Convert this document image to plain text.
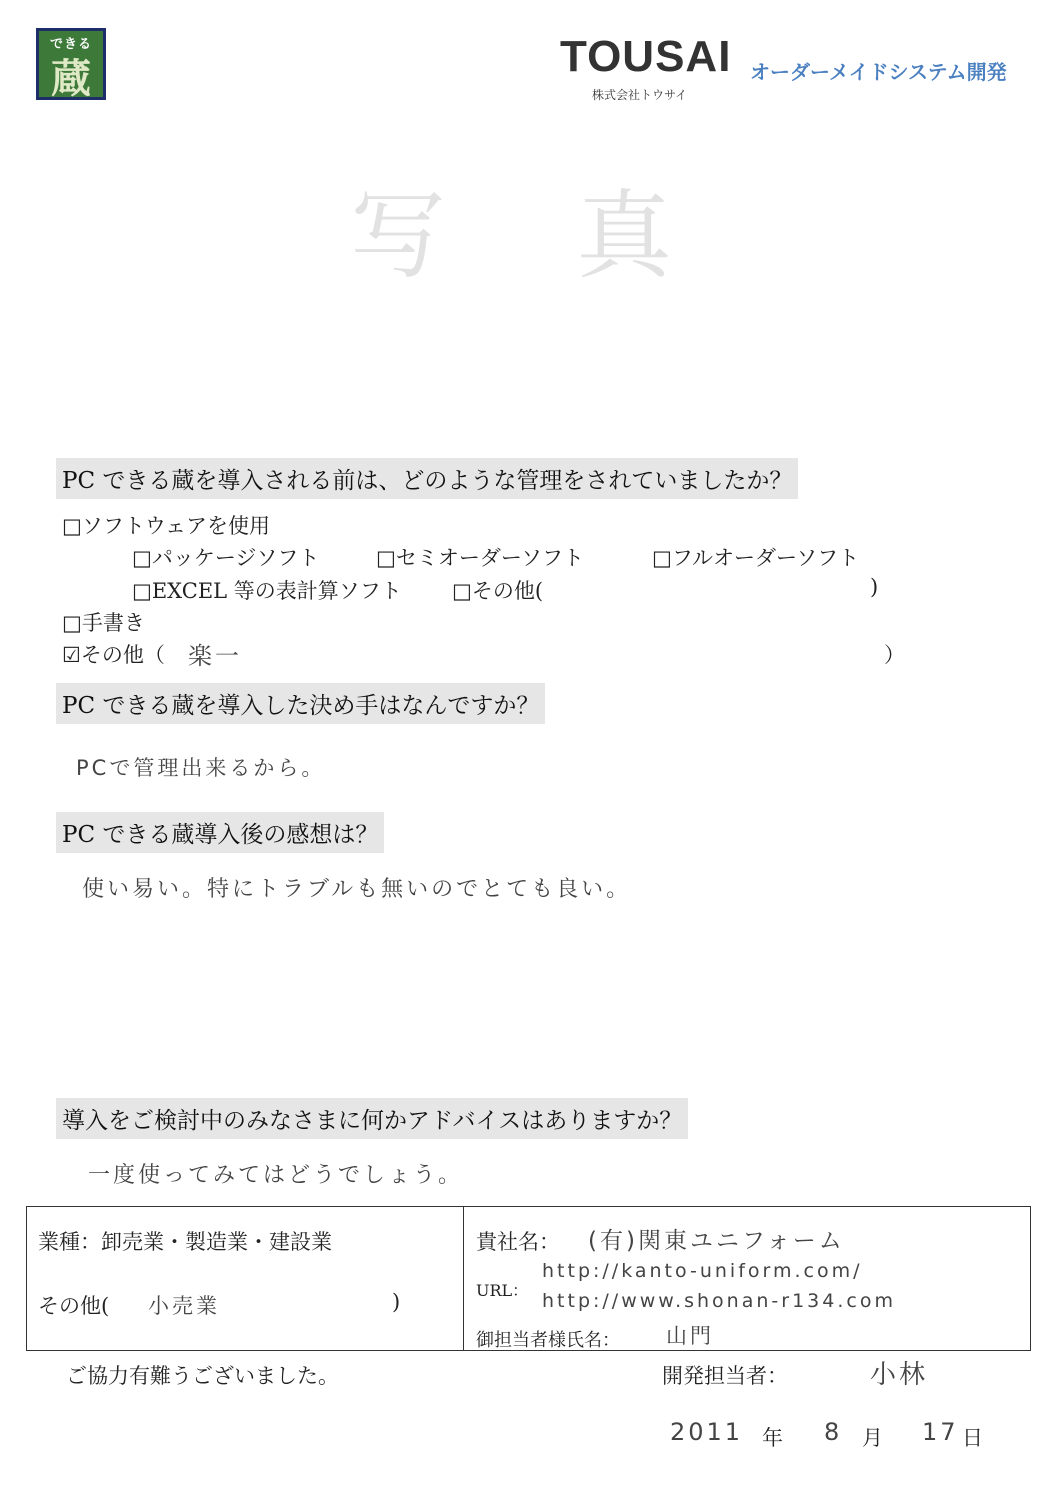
できる
蔵	TOUSAI
株式会社トウサイ
オーダーメイドシステム開発
写真
PC できる蔵を導入される前は、どのような管理をされていましたか？
□ソフトウェアを使用
□パッケージソフト	□セミオーダーソフト	□フルオーダーソフト
□EXCEL 等の表計算ソフト □その他(	)
□手書き
☑その他（ 楽一	）
PC できる蔵を導入した決め手はなんですか？
PCで管理出来るから。
PC できる蔵導入後の感想は？
使い易い。特にトラブルも無いのでとても良い。
導入をご検討中のみなさまに何かアドバイスはありますか？
一度使ってみてはどうでしょう。
業種：卸売業・製造業・建設業
その他( 小売業	)
貴社名： (有)関東ユニフォーム
URL：
http://kanto-uniform.com/
http://www.shonan-r134.com
御担当者様氏名： 山門
ご協力有難うございました。	開発担当者：	小林
2011 年 8 月 17 日
